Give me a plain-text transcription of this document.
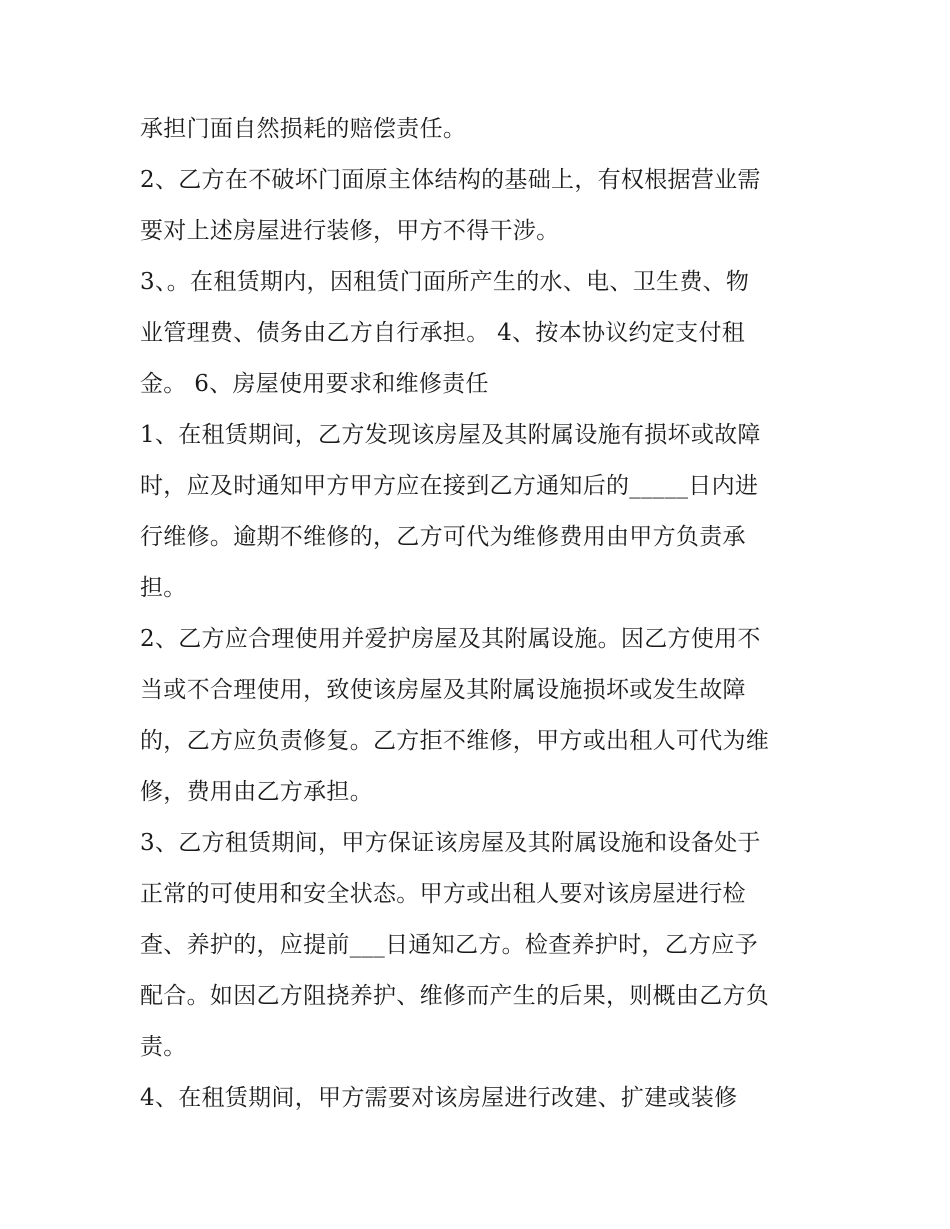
承担门面自然损耗的赔偿责任。
2、乙方在不破坏门面原主体结构的基础上，有权根据营业需
要对上述房屋进行装修，甲方不得干涉。
3、。在租赁期内，因租赁门面所产生的水、电、卫生费、物
业管理费、债务由乙方自行承担。 4、按本协议约定支付租
金。 6、房屋使用要求和维修责任
1、在租赁期间，乙方发现该房屋及其附属设施有损坏或故障
时，应及时通知甲方甲方应在接到乙方通知后的_____日内进
行维修。逾期不维修的，乙方可代为维修费用由甲方负责承
担。
2、乙方应合理使用并爱护房屋及其附属设施。因乙方使用不
当或不合理使用，致使该房屋及其附属设施损坏或发生故障
的，乙方应负责修复。乙方拒不维修，甲方或出租人可代为维
修，费用由乙方承担。
3、乙方租赁期间，甲方保证该房屋及其附属设施和设备处于
正常的可使用和安全状态。甲方或出租人要对该房屋进行检
查、养护的，应提前___日通知乙方。检查养护时，乙方应予
配合。如因乙方阻挠养护、维修而产生的后果，则概由乙方负
责。
4、在租赁期间，甲方需要对该房屋进行改建、扩建或装修
